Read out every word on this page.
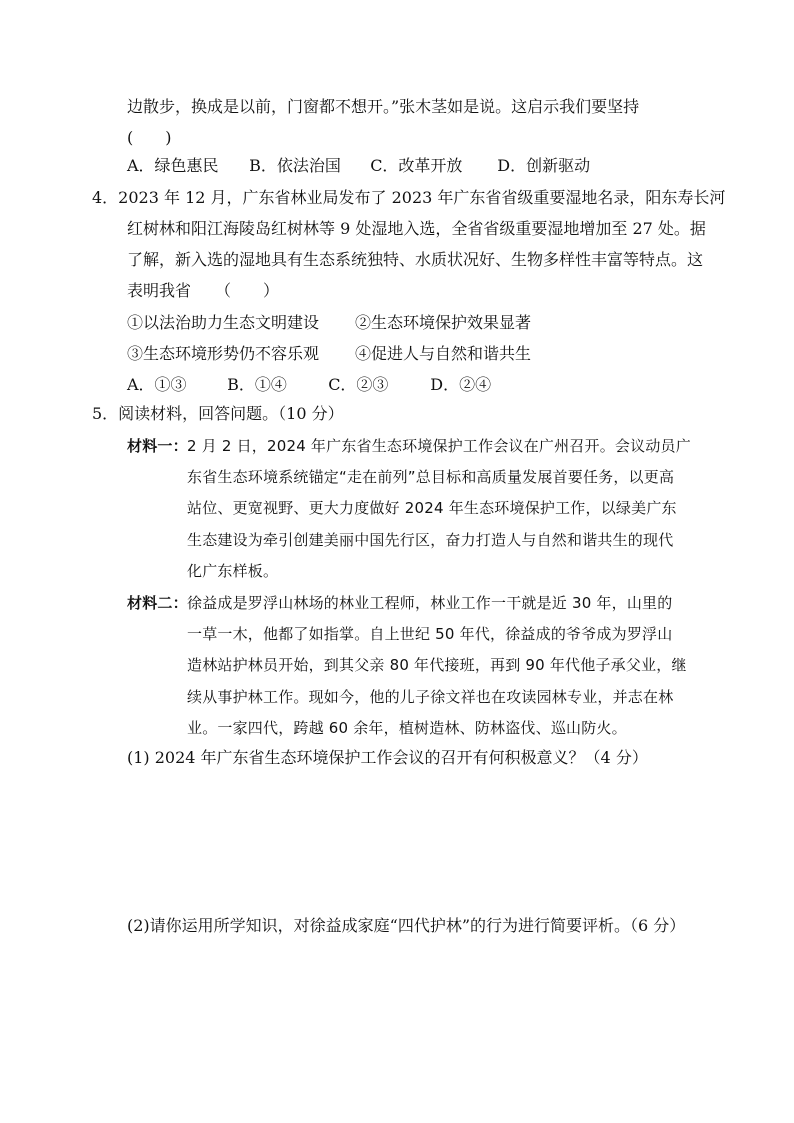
边散步，换成是以前，门窗都不想开。”张木茎如是说。这启示我们要坚持
(　　)
A．绿色惠民 B．依法治国 C．改革开放 D．创新驱动
4．2023 年 12 月，广东省林业局发布了 2023 年广东省省级重要湿地名录，阳东寿长河
红树林和阳江海陵岛红树林等 9 处湿地入选，全省省级重要湿地增加至 27 处。据
了解，新入选的湿地具有生态系统独特、水质状况好、生物多样性丰富等特点。这
表明我省　　（　　）
①以法治助力生态文明建设 ②生态环境保护效果显著
③生态环境形势仍不容乐观 ④促进人与自然和谐共生
A．①③	B．①④	C．②③	D．②④
5．阅读材料，回答问题。（10 分）
材料一： 2 月 2 日，2024 年广东省生态环境保护工作会议在广州召开。会议动员广
东省生态环境系统锚定“走在前列”总目标和高质量发展首要任务，以更高
站位、更宽视野、更大力度做好 2024 年生态环境保护工作，以绿美广东
生态建设为牵引创建美丽中国先行区，奋力打造人与自然和谐共生的现代
化广东样板。
材料二： 徐益成是罗浮山林场的林业工程师，林业工作一干就是近 30 年，山里的
一草一木，他都了如指掌。自上世纪 50 年代，徐益成的爷爷成为罗浮山
造林站护林员开始，到其父亲 80 年代接班，再到 90 年代他子承父业，继
续从事护林工作。现如今，他的儿子徐文祥也在攻读园林专业，并志在林
业。一家四代，跨越 60 余年，植树造林、防林盗伐、巡山防火。
(1) 2024 年广东省生态环境保护工作会议的召开有何积极意义？（4 分）
(2)请你运用所学知识，对徐益成家庭“四代护林”的行为进行简要评析。（6 分）
